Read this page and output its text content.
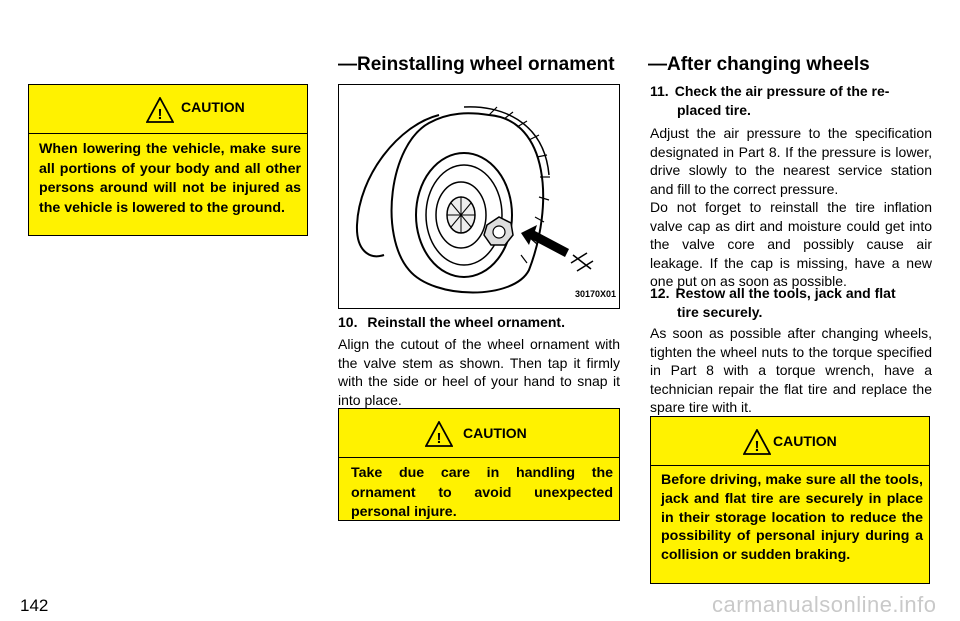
—Reinstalling wheel ornament —After changing wheels
! CAUTION
When lowering the vehicle, make sure all portions of your body and all other persons around will not be injured as the vehicle is lowered to the ground.
30170X01
10. Reinstall the wheel ornament.
Align the cutout of the wheel ornament with the valve stem as shown. Then tap it firmly with the side or heel of your hand to snap it into place.
! CAUTION
Take due care in handling the ornament to avoid unexpected personal injure.
11. Check the air pressure of the re-
placed tire.
Adjust the air pressure to the specification designated in Part 8. If the pressure is lower, drive slowly to the nearest service station and fill to the correct pressure.
Do not forget to reinstall the tire inflation valve cap as dirt and moisture could get into the valve core and possibly cause air leakage. If the cap is missing, have a new one put on as soon as possible.
12. Restow all the tools, jack and flat
tire securely.
As soon as possible after changing wheels, tighten the wheel nuts to the torque specified in Part 8 with a torque wrench, have a technician repair the flat tire and replace the spare tire with it.
! CAUTION
Before driving, make sure all the tools, jack and flat tire are securely in place in their storage location to reduce the possibility of personal injury during a collision or sudden braking.
142	carmanualsonline.info
